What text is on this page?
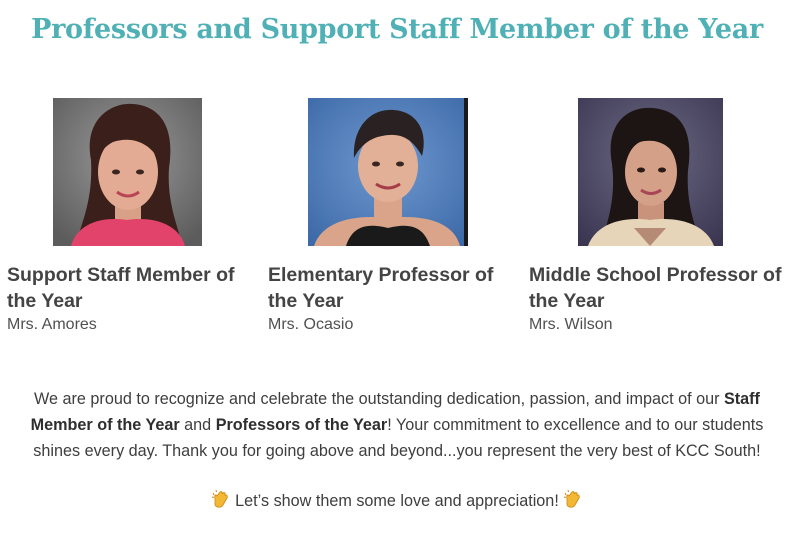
Professors and Support Staff Member of the Year

Support Staff Member of the Year

Mrs. Amores

Elementary Professor of the Year

Mrs. Ocasio

Middle School Professor of the Year

Mrs. Wilson

We are proud to recognize and celebrate the outstanding dedication, passion, and impact of our Staff Member of the Year and Professors of the Year! Your commitment to excellence and to our students shines every day. Thank you for going above and beyond...you represent the very best of KCC South!

Let’s show them some love and appreciation!
